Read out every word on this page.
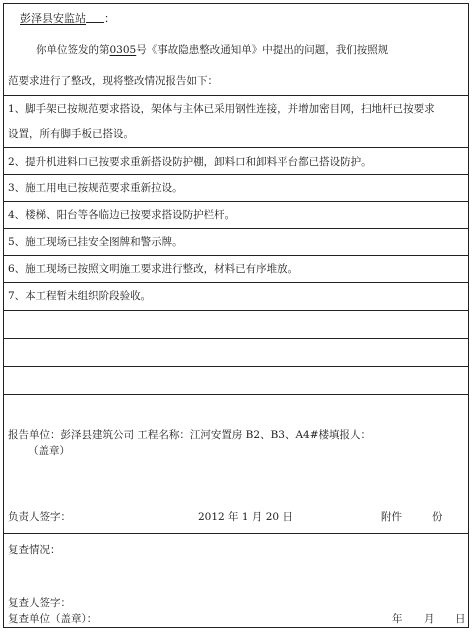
彭泽县安监站 ：
你单位签发的第0305号《事故隐患整改通知单》中提出的问题，我们按照规
范要求进行了整改，现将整改情况报告如下：
1、脚手架已按规范要求搭设，架体与主体已采用钢性连接，并增加密目网，扫地杆已按要求
设置，所有脚手板已搭设。
2、提升机进料口已按要求重新搭设防护棚，卸料口和卸料平台都已搭设防护。
3、施工用电已按规范要求重新拉设。
4、楼梯、阳台等各临边已按要求搭设防护栏杆。
5、施工现场已挂安全图牌和警示牌。
6、施工现场已按照文明施工要求进行整改，材料已有序堆放。
7、本工程暂未组织阶段验收。
报告单位：彭泽县建筑公司 工程名称：江河安置房 B2、B3、A4#楼填报人：
（盖章）
负责人签字：	2012 年 1 月 20 日	附件	份
复查情况：
复查人签字：
复查单位（盖章）：	年 月 日
